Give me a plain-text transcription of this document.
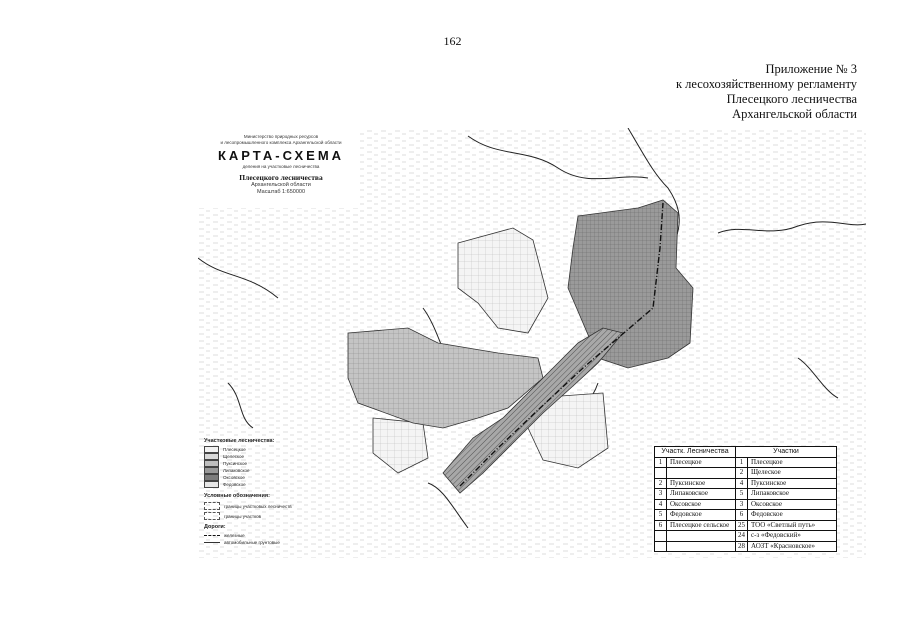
162
Приложение № 3
к лесохозяйственному регламенту
Плесецкого лесничества
Архангельской области
Министерство природных ресурсов
и лесопромышленного комплекса Архангельской области
КАРТА-СХЕМА
деления на участковые лесничества
Плесецкого лесничества
Архангельской области
Масштаб 1:650000
Участковые лесничества:
Плесецкое
Щелеское
Пуксинское
Липаковское
Оксовское
Федовское
Условные обозначения:
границы участковых лесничеств
границы участков
Дороги:
железные
автомобильные грунтовые
Участк. Лесничества		Участки	
1	Плесецкое	1	Плесецкое
		2	Щелеское
2	Пуксинское	4	Пуксинское
3	Липаковское	5	Липаковское
4	Оксовское	3	Оксовское
5	Федовское	6	Федовское
6	Плесецкое сельское	25	ТОО «Светлый путь»
		24	с-з «Федовский»
		28	АОЗТ «Красновское»
